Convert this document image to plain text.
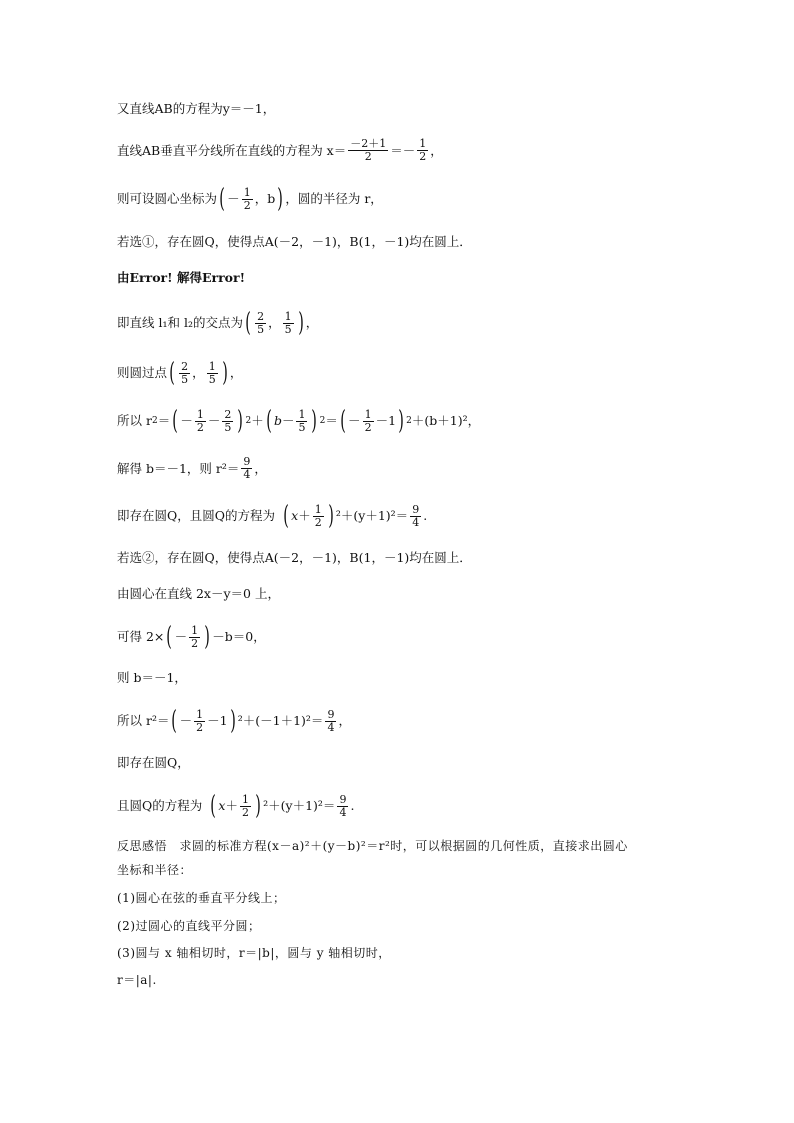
又直线AB的方程为y＝－1，
直线AB垂直平分线所在直线的方程为 $x= \frac{-2+1}{2} =- \frac{1}{2}$ ，
则可设圆心坐标为 ( － $\frac{1}{2}$ ，b ) ，圆的半径为 r，
若选①，存在圆Q，使得点A(－2，－1)，B(1，－1)均在圆上．
由Error! 解得Error!
即直线 l₁和 l₂的交点为 ( $\frac{2}{5}$ ， $\frac{1}{5}$ ) ，
则圆过点 ( $\frac{2}{5}$ ， $\frac{1}{5}$ ) ，
所以 r 2 ＝ ( － $\frac{1}{2} - \frac{2}{5}$ ) 2 ＋ ( $b - \frac{1}{5}$ ) 2 ＝ ( － $\frac{1}{2} -1$ ) 2 ＋(b＋1)²，
解得 b＝－1，则 $r^2= \frac{9}{4}$ ，
即存在圆Q，且圆Q的方程为 ( $x + \frac{1}{2}$ ) $^2+(y+1)^2= \frac{9}{4}$ .
若选②，存在圆Q，使得点A(－2，－1)，B(1，－1)均在圆上．
由圆心在直线 2x－y＝0 上，
可得 2× ( － $\frac{1}{2}$ ) －b＝0，
则 b＝－1，
所以 r²＝ ( － $\frac{1}{2} -1$ ) $^2+(-1+1)^2= \frac{9}{4}$ ，
即存在圆Q，
且圆Q的方程为 ( $x + \frac{1}{2}$ ) $^2+(y+1)^2= \frac{9}{4}$ .
反思感悟　求圆的标准方程(x－a)²＋(y－b)²＝r²时，可以根据圆的几何性质，直接求出圆心
坐标和半径：
(1)圆心在弦的垂直平分线上；
(2)过圆心的直线平分圆；
(3)圆与 x 轴相切时，r＝|b|，圆与 y 轴相切时，
r＝|a|.
